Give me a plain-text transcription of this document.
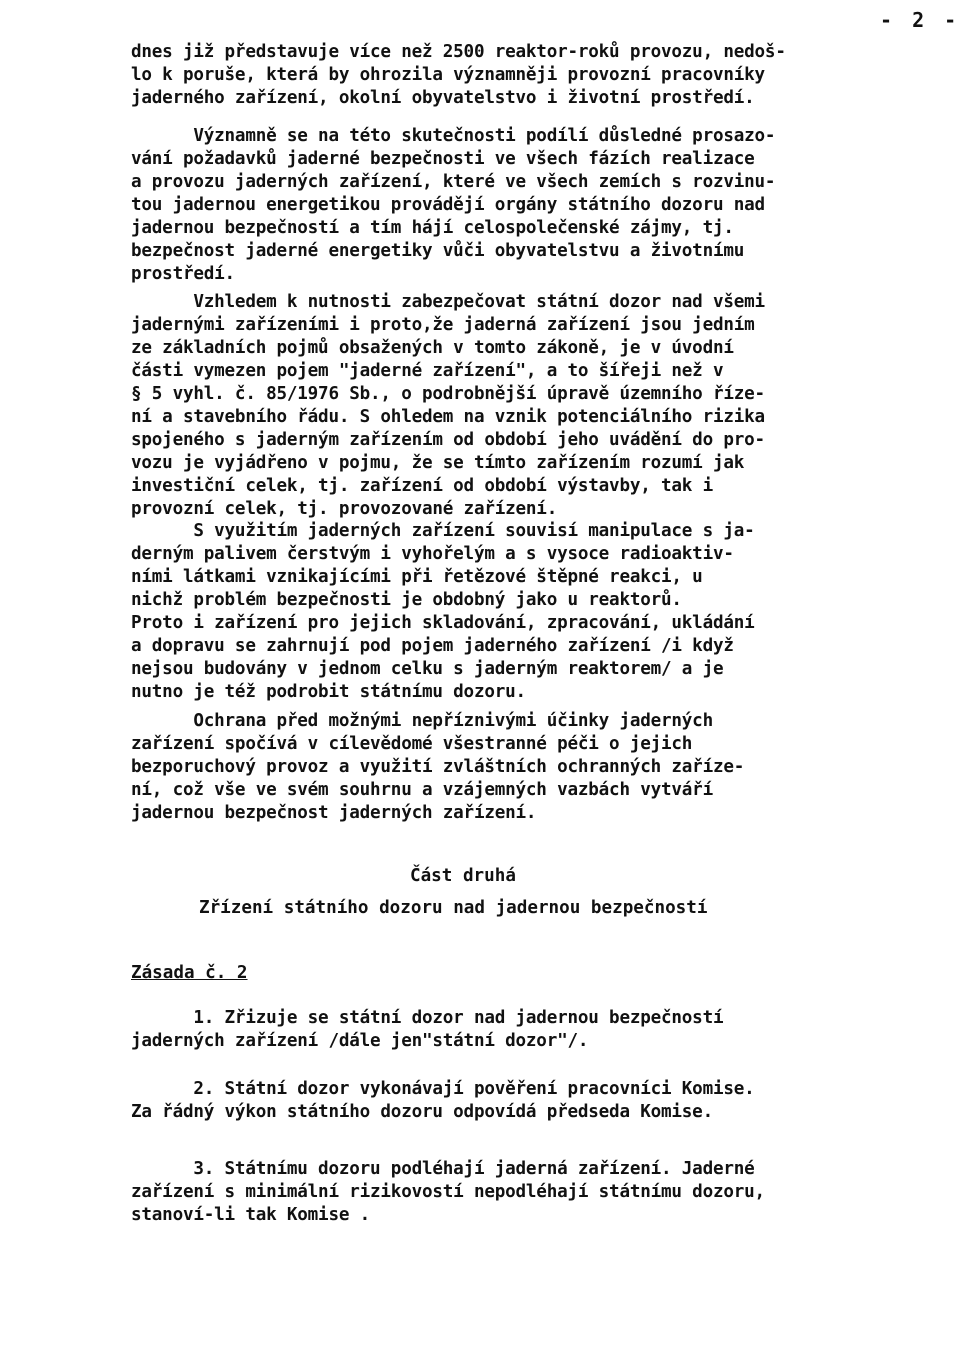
- 2 -

dnes již představuje více než 2500 reaktor-roků provozu, nedoš-
lo k poruše, která by ohrozila významněji provozní pracovníky
jaderného zařízení, okolní obyvatelstvo i životní prostředí.

Významně se na této skutečnosti podílí důsledné prosazo-
vání požadavků jaderné bezpečnosti ve všech fázích realizace
a provozu jaderných zařízení, které ve všech zemích s rozvinu-
tou jadernou energetikou provádějí orgány státního dozoru nad
jadernou bezpečností a tím hájí celospolečenské zájmy, tj.
bezpečnost jaderné energetiky vůči obyvatelstvu a životnímu
prostředí.

Vzhledem k nutnosti zabezpečovat státní dozor nad všemi
jadernými zařízeními i proto,že jaderná zařízení jsou jedním
ze základních pojmů obsažených v tomto zákoně, je v úvodní
části vymezen pojem "jaderné zařízení", a to šířeji než v
§ 5 vyhl. č. 85/1976 Sb., o podrobnější úpravě územního říze-
ní a stavebního řádu. S ohledem na vznik potenciálního rizika
spojeného s jaderným zařízením od období jeho uvádění do pro-
vozu je vyjádřeno v pojmu, že se tímto zařízením rozumí jak
investiční celek, tj. zařízení od období výstavby, tak i
provozní celek, tj. provozované zařízení.

S využitím jaderných zařízení souvisí manipulace s ja-
derným palivem čerstvým i vyhořelým a s vysoce radioaktiv-
ními látkami vznikajícími při řetězové štěpné reakci, u
nichž problém bezpečnosti je obdobný jako u reaktorů.
Proto i zařízení pro jejich skladování, zpracování, ukládání
a dopravu se zahrnují pod pojem jaderného zařízení /i když
nejsou budovány v jednom celku s jaderným reaktorem/ a je
nutno je též podrobit státnímu dozoru.

Ochrana před možnými nepříznivými účinky jaderných
zařízení spočívá v cílevědomé všestranné péči o jejich
bezporuchový provoz a využití zvláštních ochranných zaříze-
ní, což vše ve svém souhrnu a vzájemných vazbách vytváří
jadernou bezpečnost jaderných zařízení.

Část druhá

Zřízení státního dozoru nad jadernou bezpečností

Zásada č. 2

1. Zřizuje se státní dozor nad jadernou bezpečností
jaderných zařízení /dále jen"státní dozor"/.

2. Státní dozor vykonávají pověření pracovníci Komise.
Za řádný výkon státního dozoru odpovídá předseda Komise.

3. Státnímu dozoru podléhají jaderná zařízení. Jaderné
zařízení s minimální rizikovostí nepodléhají státnímu dozoru,
stanoví-li tak Komise .
